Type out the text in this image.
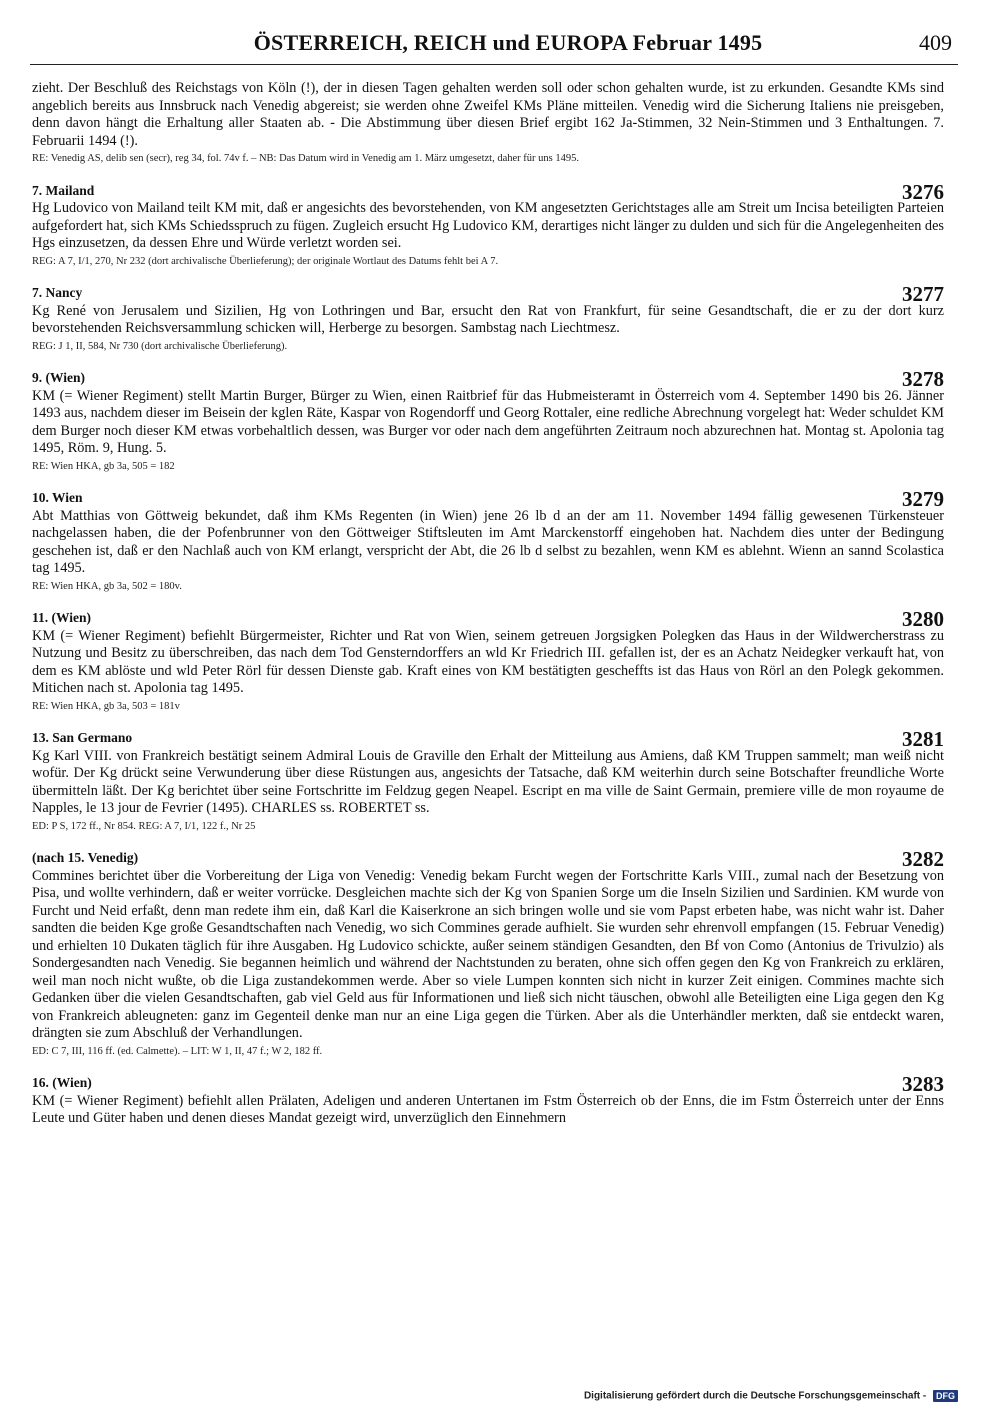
ÖSTERREICH, REICH und EUROPA Februar 1495	409

zieht. Der Beschluß des Reichstags von Köln (!), der in diesen Tagen gehalten werden soll oder schon gehalten wurde, ist zu erkunden. Gesandte KMs sind angeblich bereits aus Innsbruck nach Venedig abgereist; sie werden ohne Zweifel KMs Pläne mitteilen. Venedig wird die Sicherung Italiens nie preisgeben, denn davon hängt die Erhaltung aller Staaten ab. - Die Abstimmung über diesen Brief ergibt 162 Ja-Stimmen, 32 Nein-Stimmen und 3 Enthaltungen. 7. Februarii 1494 (!).

RE: Venedig AS, delib sen (secr), reg 34, fol. 74v f. – NB: Das Datum wird in Venedig am 1. März umgesetzt, daher für uns 1495.

7. Mailand	3276

Hg Ludovico von Mailand teilt KM mit, daß er angesichts des bevorstehenden, von KM angesetzten Gerichtstages alle am Streit um Incisa beteiligten Parteien aufgefordert hat, sich KMs Schiedsspruch zu fügen. Zugleich ersucht Hg Ludovico KM, derartiges nicht länger zu dulden und sich für die Angelegenheiten des Hgs einzusetzen, da dessen Ehre und Würde verletzt worden sei.

REG: A 7, I/1, 270, Nr 232 (dort archivalische Überlieferung); der originale Wortlaut des Datums fehlt bei A 7.

7. Nancy	3277

Kg René von Jerusalem und Sizilien, Hg von Lothringen und Bar, ersucht den Rat von Frankfurt, für seine Gesandtschaft, die er zu der dort kurz bevorstehenden Reichsversammlung schicken will, Herberge zu besorgen. Sambstag nach Liechtmesz.

REG: J 1, II, 584, Nr 730 (dort archivalische Überlieferung).

9. (Wien)	3278

KM (= Wiener Regiment) stellt Martin Burger, Bürger zu Wien, einen Raitbrief für das Hubmeisteramt in Österreich vom 4. September 1490 bis 26. Jänner 1493 aus, nachdem dieser im Beisein der kglen Räte, Kaspar von Rogendorff und Georg Rottaler, eine redliche Abrechnung vorgelegt hat: Weder schuldet KM dem Burger noch dieser KM etwas vorbehaltlich dessen, was Burger vor oder nach dem angeführten Zeitraum noch abzurechnen hat. Montag st. Apolonia tag 1495, Röm. 9, Hung. 5.

RE: Wien HKA, gb 3a, 505 = 182

10. Wien	3279

Abt Matthias von Göttweig bekundet, daß ihm KMs Regenten (in Wien) jene 26 lb d an der am 11. November 1494 fällig gewesenen Türkensteuer nachgelassen haben, die der Pofenbrunner von den Göttweiger Stiftsleuten im Amt Marckenstorff eingehoben hat. Nachdem dies unter der Bedingung geschehen ist, daß er den Nachlaß auch von KM erlangt, verspricht der Abt, die 26 lb d selbst zu bezahlen, wenn KM es ablehnt. Wienn an sannd Scolastica tag 1495.

RE: Wien HKA, gb 3a, 502 = 180v.

11. (Wien)	3280

KM (= Wiener Regiment) befiehlt Bürgermeister, Richter und Rat von Wien, seinem getreuen Jorgsigken Polegken das Haus in der Wildwercherstrass zu Nutzung und Besitz zu überschreiben, das nach dem Tod Gensterndorffers an wld Kr Friedrich III. gefallen ist, der es an Achatz Neidegker verkauft hat, von dem es KM ablöste und wld Peter Rörl für dessen Dienste gab. Kraft eines von KM bestätigten gescheffts ist das Haus von Rörl an den Polegk gekommen. Mitichen nach st. Apolonia tag 1495.

RE: Wien HKA, gb 3a, 503 = 181v

13. San Germano	3281

Kg Karl VIII. von Frankreich bestätigt seinem Admiral Louis de Graville den Erhalt der Mitteilung aus Amiens, daß KM Truppen sammelt; man weiß nicht wofür. Der Kg drückt seine Verwunderung über diese Rüstungen aus, angesichts der Tatsache, daß KM weiterhin durch seine Botschafter freundliche Worte übermitteln läßt. Der Kg berichtet über seine Fortschritte im Feldzug gegen Neapel. Escript en ma ville de Saint Germain, premiere ville de mon royaume de Napples, le 13 jour de Fevrier (1495). CHARLES ss. ROBERTET ss.

ED: P S, 172 ff., Nr 854. REG: A 7, I/1, 122 f., Nr 25

(nach 15. Venedig)	3282

Commines berichtet über die Vorbereitung der Liga von Venedig: Venedig bekam Furcht wegen der Fortschritte Karls VIII., zumal nach der Besetzung von Pisa, und wollte verhindern, daß er weiter vorrücke. Desgleichen machte sich der Kg von Spanien Sorge um die Inseln Sizilien und Sardinien. KM wurde von Furcht und Neid erfaßt, denn man redete ihm ein, daß Karl die Kaiserkrone an sich bringen wolle und sie vom Papst erbeten habe, was nicht wahr ist. Daher sandten die beiden Kge große Gesandtschaften nach Venedig, wo sich Commines gerade aufhielt. Sie wurden sehr ehrenvoll empfangen (15. Februar Venedig) und erhielten 10 Dukaten täglich für ihre Ausgaben. Hg Ludovico schickte, außer seinem ständigen Gesandten, den Bf von Como (Antonius de Trivulzio) als Sondergesandten nach Venedig. Sie begannen heimlich und während der Nachtstunden zu beraten, ohne sich offen gegen den Kg von Frankreich zu erklären, weil man noch nicht wußte, ob die Liga zustandekommen werde. Aber so viele Lumpen konnten sich nicht in kurzer Zeit einigen. Commines machte sich Gedanken über die vielen Gesandtschaften, gab viel Geld aus für Informationen und ließ sich nicht täuschen, obwohl alle Beteiligten eine Liga gegen den Kg von Frankreich ableugneten: ganz im Gegenteil denke man nur an eine Liga gegen die Türken. Aber als die Unterhändler merkten, daß sie entdeckt waren, drängten sie zum Abschluß der Verhandlungen.

ED: C 7, III, 116 ff. (ed. Calmette). – LIT: W 1, II, 47 f.; W 2, 182 ff.

16. (Wien)	3283

KM (= Wiener Regiment) befiehlt allen Prälaten, Adeligen und anderen Untertanen im Fstm Österreich ob der Enns, die im Fstm Österreich unter der Enns Leute und Güter haben und denen dieses Mandat gezeigt wird, unverzüglich den Einnehmern

Digitalisierung gefördert durch die Deutsche Forschungsgemeinschaft - DFG
